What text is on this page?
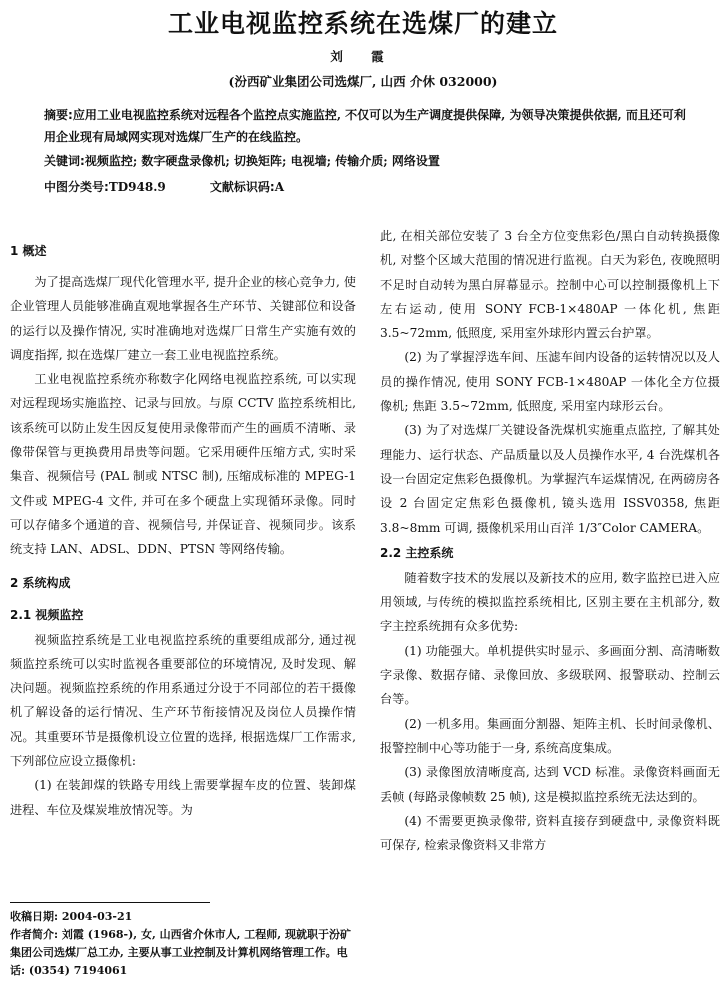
工业电视监控系统在选煤厂的建立
刘 霞
(汾西矿业集团公司选煤厂, 山西 介休 032000)
摘要:应用工业电视监控系统对远程各个监控点实施监控, 不仅可以为生产调度提供保障, 为领导决策提供依据, 而且还可利用企业现有局域网实现对选煤厂生产的在线监控。
关键词:视频监控; 数字硬盘录像机; 切换矩阵; 电视墙; 传输介质; 网络设置
中图分类号:TD948.9	文献标识码:A
1 概述

为了提高选煤厂现代化管理水平, 提升企业的核心竞争力, 使企业管理人员能够准确直观地掌握各生产环节、关键部位和设备的运行以及操作情况, 实时准确地对选煤厂日常生产实施有效的调度指挥, 拟在选煤厂建立一套工业电视监控系统。

工业电视监控系统亦称数字化网络电视监控系统, 可以实现对远程现场实施监控、记录与回放。与原 CCTV 监控系统相比, 该系统可以防止发生因反复使用录像带而产生的画质不清晰、录像带保管与更换费用昂贵等问题。它采用硬件压缩方式, 实时采集音、视频信号 (PAL 制或 NTSC 制), 压缩成标准的 MPEG-1 文件或 MPEG-4 文件, 并可在多个硬盘上实现循环录像。同时可以存储多个通道的音、视频信号, 并保证音、视频同步。该系统支持 LAN、ADSL、DDN、PTSN 等网络传输。

2 系统构成
2.1 视频监控

视频监控系统是工业电视监控系统的重要组成部分, 通过视频监控系统可以实时监视各重要部位的环境情况, 及时发现、解决问题。视频监控系统的作用系通过分设于不同部位的若干摄像机了解设备的运行情况、生产环节衔接情况及岗位人员操作情况。其重要环节是摄像机设立位置的选择, 根据选煤厂工作需求, 下列部位应设立摄像机:

(1) 在装卸煤的铁路专用线上需要掌握车皮的位置、装卸煤进程、车位及煤炭堆放情况等。为

此, 在相关部位安装了 3 台全方位变焦彩色/黑白自动转换摄像机, 对整个区域大范围的情况进行监视。白天为彩色, 夜晚照明不足时自动转为黑白屏幕显示。控制中心可以控制摄像机上下左右运动, 使用 SONY FCB-1×480AP 一体化机, 焦距 3.5~72mm, 低照度, 采用室外球形内置云台护罩。

(2) 为了掌握浮选车间、压滤车间内设备的运转情况以及人员的操作情况, 使用 SONY FCB-1×480AP 一体化全方位摄像机; 焦距 3.5~72mm, 低照度, 采用室内球形云台。

(3) 为了对选煤厂关键设备洗煤机实施重点监控, 了解其处理能力、运行状态、产品质量以及人员操作水平, 4 台洗煤机各设一台固定定焦彩色摄像机。为掌握汽车运煤情况, 在两磅房各设 2 台固定定焦彩色摄像机, 镜头选用 ISSV0358, 焦距 3.8~8mm 可调, 摄像机采用山百洋 1/3″Color CAMERA。

2.2 主控系统

随着数字技术的发展以及新技术的应用, 数字监控已进入应用领域, 与传统的模拟监控系统相比, 区别主要在主机部分, 数字主控系统拥有众多优势:

(1) 功能强大。单机提供实时显示、多画面分割、高清晰数字录像、数据存储、录像回放、多级联网、报警联动、控制云台等。

(2) 一机多用。集画面分割器、矩阵主机、长时间录像机、报警控制中心等功能于一身, 系统高度集成。

(3) 录像图放清晰度高, 达到 VCD 标准。录像资料画面无丢帧 (每路录像帧数 25 帧), 这是模拟监控系统无法达到的。

(4) 不需要更换录像带, 资料直接存到硬盘中, 录像资料既可保存, 检索录像资料又非常方

收稿日期: 2004-03-21

作者简介: 刘霞 (1968-), 女, 山西省介休市人, 工程师, 现就职于汾矿集团公司选煤厂总工办, 主要从事工业控制及计算机网络管理工作。电话: (0354) 7194061
